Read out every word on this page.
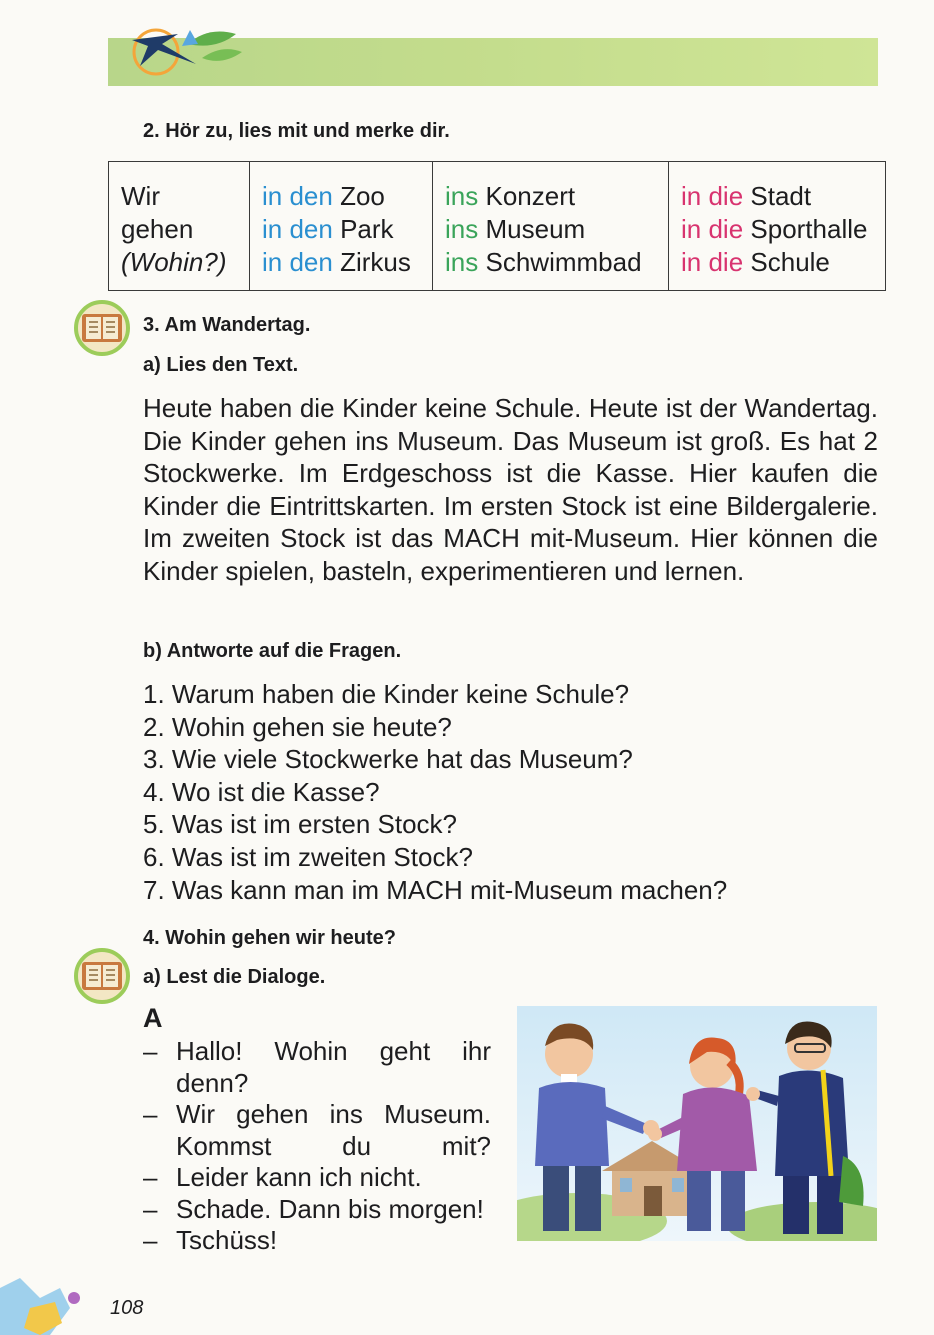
2. Hör zu, lies mit und merke dir.
Wir
gehen
(Wohin?)
in den Zoo
in den Park
in den Zirkus
ins Konzert
ins Museum
ins Schwimmbad
in die Stadt
in die Sporthalle
in die Schule
3. Am Wandertag.
a) Lies den Text.
Heute haben die Kinder keine Schule. Heute ist der Wandertag. Die Kinder gehen ins Museum. Das Museum ist groß. Es hat 2 Stockwerke. Im Erdgeschoss ist die Kasse. Hier kaufen die Kinder die Eintrittskarten. Im ersten Stock ist eine Bildergalerie. Im zweiten Stock ist das MACH mit-Museum. Hier können die Kinder spielen, basteln, experimentieren und lernen.
b) Antworte auf die Fragen.
1. Warum haben die Kinder keine Schule?
2. Wohin gehen sie heute?
3. Wie viele Stockwerke hat das Museum?
4. Wo ist die Kasse?
5. Was ist im ersten Stock?
6. Was ist im zweiten Stock?
7. Was kann man im MACH mit-Museum machen?
4. Wohin gehen wir heute?
a) Lest die Dialoge.
A
– Hallo! Wohin geht ihr denn?
– Wir gehen ins Museum. Kommst du mit?
– Leider kann ich nicht.
– Schade. Dann bis morgen!
– Tschüss!
108
